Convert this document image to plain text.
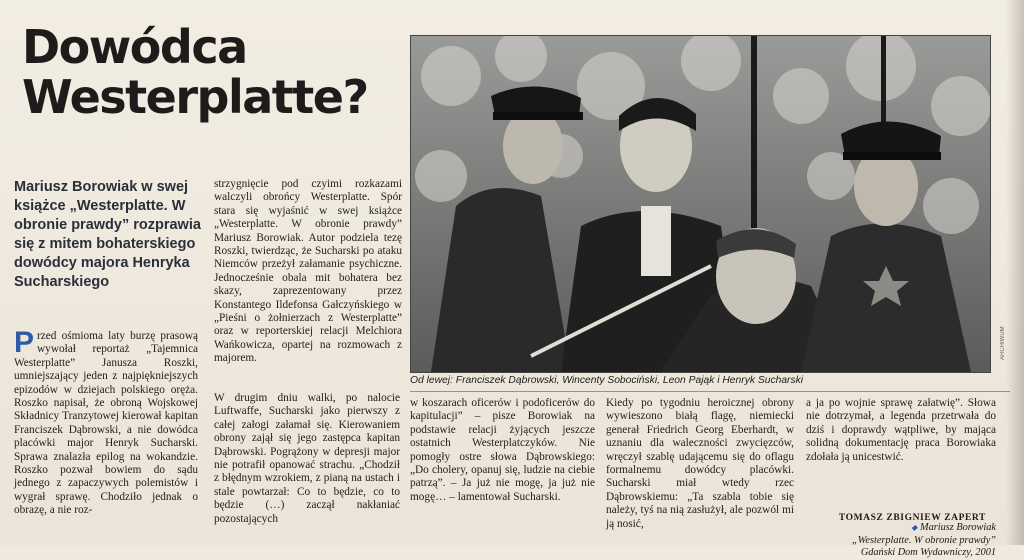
Dowódca
Westerplatte?
Mariusz Borowiak w swej książce „Westerplatte. W obronie prawdy” rozprawia się z mitem bohaterskiego dowódcy majora Henryka Sucharskiego

Przed ośmioma laty burzę prasową wywołał reportaż „Tajemnica Westerplatte” Janusza Roszki, umniejszający jeden z najpiękniejszych epizodów w dziejach polskiego oręża. Roszko napisał, że obroną Wojskowej Składnicy Tranzytowej kierował kapitan Franciszek Dąbrowski, a nie dowódca placówki major Henryk Sucharski. Sprawa znalazła epilog na wokandzie. Roszko pozwał bowiem do sądu jednego z zapaczywych polemistów i wygrał sprawę. Chodziło jednak o obrazę, a nie roz-

strzygnięcie pod czyimi rozkazami walczyli obrońcy Westerplatte. Spór stara się wyjaśnić w swej książce „Westerplatte. W obronie prawdy” Mariusz Borowiak. Autor podziela tezę Roszki, twierdząc, że Sucharski po ataku Niemców przeżył załamanie psychiczne. Jednocześnie obala mit bohatera bez skazy, zaprezentowany przez Konstantego Ildefonsa Gałczyńskiego w „Pieśni o żołnierzach z Westerplatte” oraz w reporterskiej relacji Melchiora Wańkowicza, opartej na rozmowach z majorem.

W drugim dniu walki, po nalocie Luftwaffe, Sucharski jako pierwszy z całej załogi załamał się. Kierowaniem obrony zajął się jego zastępca kapitan Dąbrowski. Pogrążony w depresji major nie potrafił opanować strachu. „Chodził z błędnym wzrokiem, z pianą na ustach i stale powtarzał: Co to będzie, co to będzie (…) zaczął nakłaniać pozostających

ARCHIWUM
Od lewej: Franciszek Dąbrowski, Wincenty Sobociński, Leon Pająk i Henryk Sucharski

w koszarach oficerów i podoficerów do kapitulacji” – pisze Borowiak na podstawie relacji żyjących jeszcze ostatnich Westerplatczyków. Nie pomogły ostre słowa Dąbrowskiego: „Do cholery, opanuj się, ludzie na ciebie patrzą”. – Ja już nie mogę, ja już nie mogę… – lamentował Sucharski.

Kiedy po tygodniu heroicznej obrony wywieszono białą flagę, niemiecki generał Friedrich Georg Eberhardt, w uznaniu dla waleczności zwycięzców, wręczył szablę udającemu się do oflagu formalnemu dowódcy placówki. Sucharski miał wtedy rzec Dąbrowskiemu: „Ta szabla tobie się należy, tyś na nią zasłużył, ale pozwól mi ją nosić,

a ja po wojnie sprawę załatwię”. Słowa nie dotrzymał, a legenda przetrwała do dziś i doprawdy wątpliwe, by mająca solidną dokumentację praca Borowiaka zdołała ją unicestwić.

TOMASZ ZBIGNIEW ZAPERT
◆ Mariusz Borowiak
„Westerplatte. W obronie prawdy”
Gdański Dom Wydawniczy, 2001
